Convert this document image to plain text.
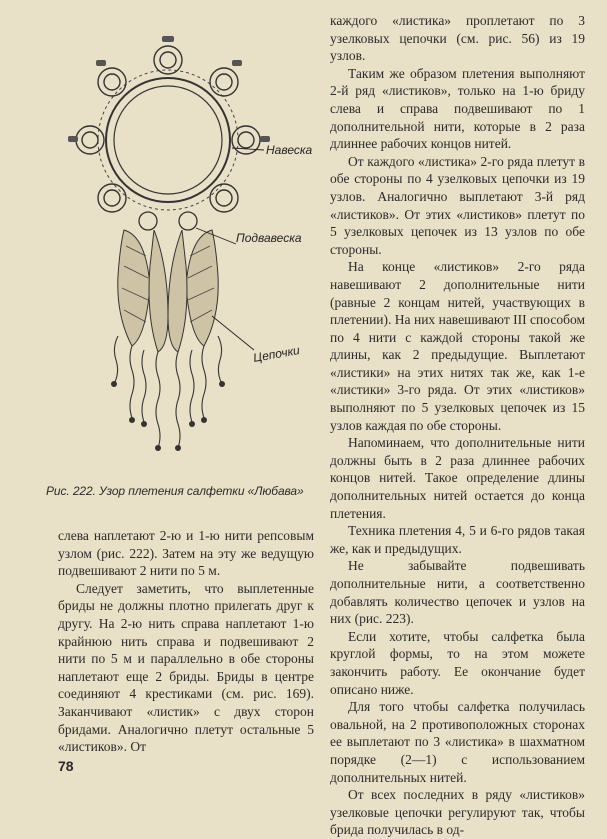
Навеска
Подвавеска
Цепочки
Рис. 222. Узор плетения салфетки «Любава»

слева наплетают 2-ю и 1-ю нити репсовым узлом (рис. 222). Затем на эту же ведущую подвешивают 2 нити по 5 м.

Следует заметить, что выплетенные бриды не должны плотно прилегать друг к другу. На 2-ю нить справа наплетают 1-ю крайнюю нить справа и подвешивают 2 нити по 5 м и параллельно в обе стороны наплетают еще 2 бриды. Бриды в центре соединяют 4 крестиками (см. рис. 169). Заканчивают «листик» с двух сторон бридами. Аналогично плетут остальные 5 «листиков». От

каждого «листика» проплетают по 3 узелковых цепочки (см. рис. 56) из 19 узлов.

Таким же образом плетения выполняют 2-й ряд «листиков», только на 1-ю бриду слева и справа подвешивают по 1 дополнительной нити, которые в 2 раза длиннее рабочих концов нитей.

От каждого «листика» 2-го ряда плетут в обе стороны по 4 узелковых цепочки из 19 узлов. Аналогично выплетают 3-й ряд «листиков». От этих «листиков» плетут по 5 узелковых цепочек из 13 узлов по обе стороны.

На конце «листиков» 2-го ряда навешивают 2 дополнительные нити (равные 2 концам нитей, участвующих в плетении). На них навешивают III способом по 4 нити с каждой стороны такой же длины, как 2 предыдущие. Выплетают «листики» на этих нитях так же, как 1-е «листики» 3-го ряда. От этих «листиков» выполняют по 5 узелковых цепочек из 15 узлов каждая по обе стороны.

Напоминаем, что дополнительные нити должны быть в 2 раза длиннее рабочих концов нитей. Такое определение длины дополнительных нитей остается до конца плетения.

Техника плетения 4, 5 и 6-го рядов такая же, как и предыдущих.

Не забывайте подвешивать дополнительные нити, а соответственно добавлять количество цепочек и узлов на них (рис. 223).

Если хотите, чтобы салфетка была круглой формы, то на этом можете закончить работу. Ее окончание будет описано ниже.

Для того чтобы салфетка получилась овальной, на 2 противоположных сторонах ее выплетают по 3 «листика» в шахматном порядке (2—1) с использованием дополнительных нитей.

От всех последних в ряду «листиков» узелковые цепочки регулируют так, чтобы брида получилась в од-

78
